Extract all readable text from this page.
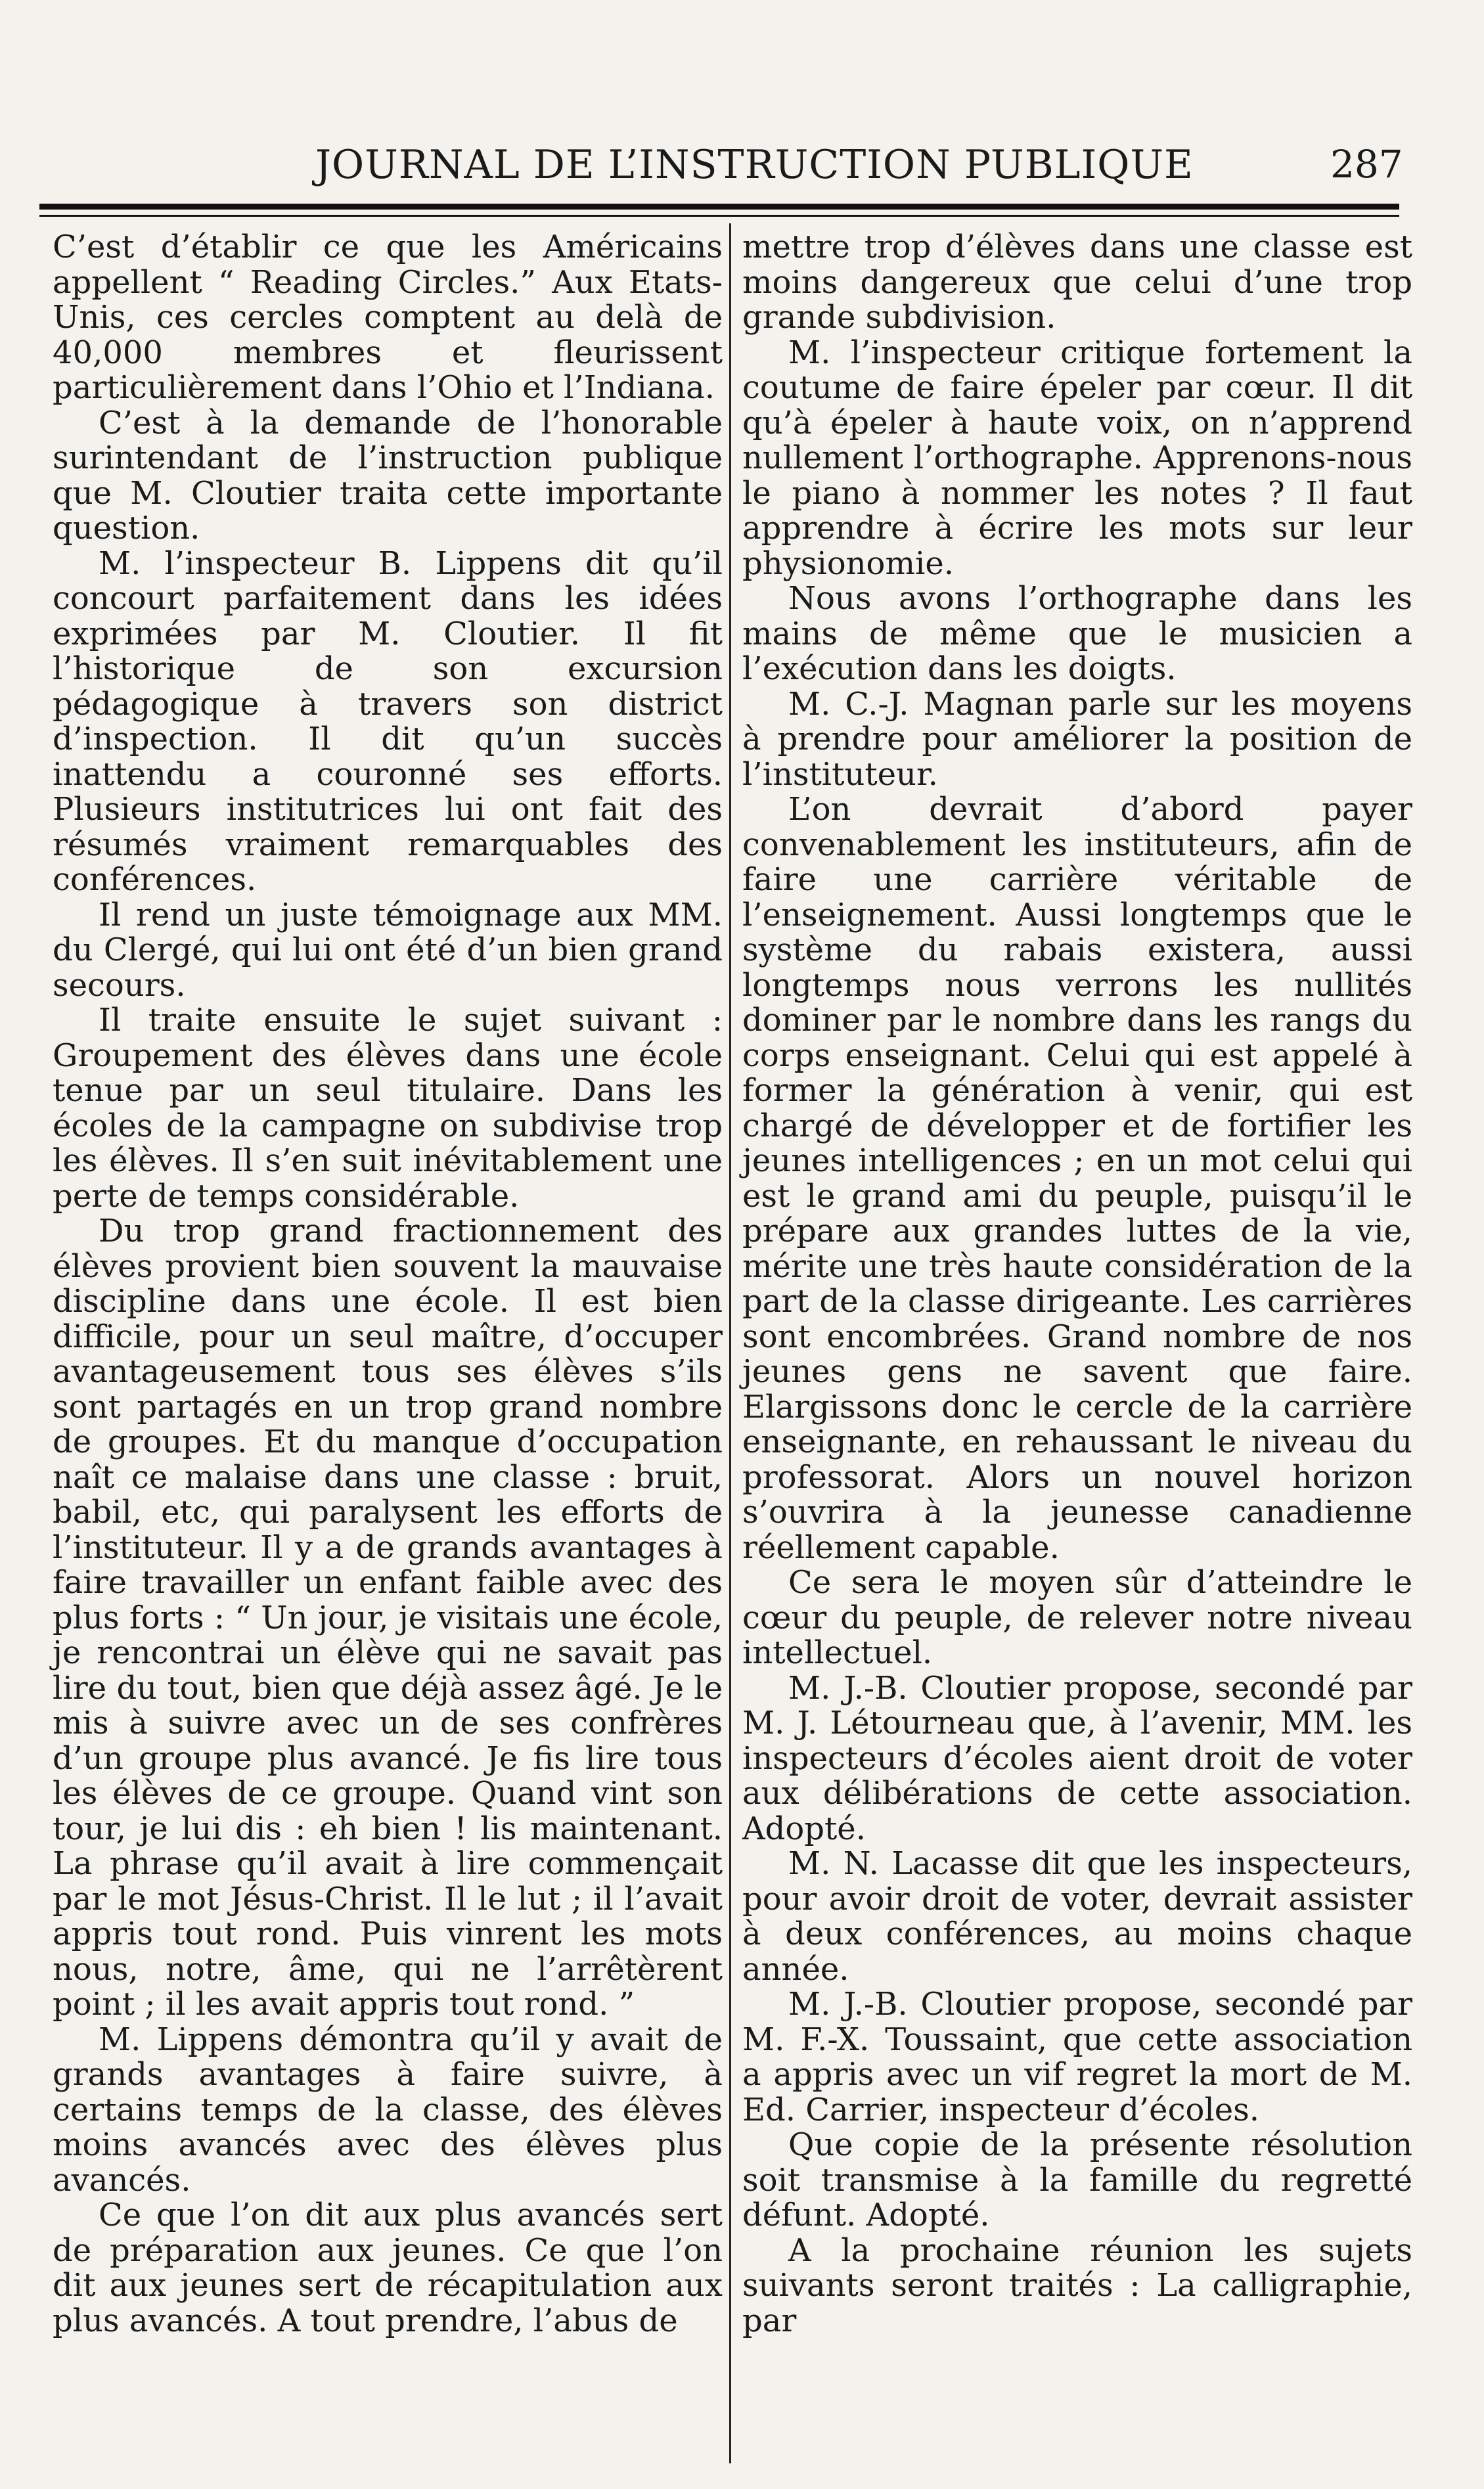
JOURNAL DE L’INSTRUCTION PUBLIQUE	287

C’est d’établir ce que les Américains appellent “ Reading Circles.” Aux Etats-Unis, ces cercles comptent au delà de 40,000 membres et fleurissent particulièrement dans l’Ohio et l’Indiana.

C’est à la demande de l’honorable surintendant de l’instruction publique que M. Cloutier traita cette importante question.

M. l’inspecteur B. Lippens dit qu’il concourt parfaitement dans les idées exprimées par M. Cloutier. Il fit l’historique de son excursion pédagogique à travers son district d’inspection. Il dit qu’un succès inattendu a couronné ses efforts. Plusieurs institutrices lui ont fait des résumés vraiment remarquables des conférences.

Il rend un juste témoignage aux MM. du Clergé, qui lui ont été d’un bien grand secours.

Il traite ensuite le sujet suivant : Groupement des élèves dans une école tenue par un seul titulaire. Dans les écoles de la campagne on subdivise trop les élèves. Il s’en suit inévitablement une perte de temps considérable.

Du trop grand fractionnement des élèves provient bien souvent la mauvaise discipline dans une école. Il est bien difficile, pour un seul maître, d’occuper avantageusement tous ses élèves s’ils sont partagés en un trop grand nombre de groupes. Et du manque d’occupation naît ce malaise dans une classe : bruit, babil, etc, qui paralysent les efforts de l’instituteur. Il y a de grands avantages à faire travailler un enfant faible avec des plus forts : “ Un jour, je visitais une école, je rencontrai un élève qui ne savait pas lire du tout, bien que déjà assez âgé. Je le mis à suivre avec un de ses confrères d’un groupe plus avancé. Je fis lire tous les élèves de ce groupe. Quand vint son tour, je lui dis : eh bien ! lis maintenant. La phrase qu’il avait à lire commençait par le mot Jésus-Christ. Il le lut ; il l’avait appris tout rond. Puis vinrent les mots nous, notre, âme, qui ne l’arrêtèrent point ; il les avait appris tout rond. ”

M. Lippens démontra qu’il y avait de grands avantages à faire suivre, à certains temps de la classe, des élèves moins avancés avec des élèves plus avancés.

Ce que l’on dit aux plus avancés sert de préparation aux jeunes. Ce que l’on dit aux jeunes sert de récapitulation aux plus avancés. A tout prendre, l’abus de

mettre trop d’élèves dans une classe est moins dangereux que celui d’une trop grande subdivision.

M. l’inspecteur critique fortement la coutume de faire épeler par cœur. Il dit qu’à épeler à haute voix, on n’apprend nullement l’orthographe. Apprenons-nous le piano à nommer les notes ? Il faut apprendre à écrire les mots sur leur physionomie.

Nous avons l’orthographe dans les mains de même que le musicien a l’exécution dans les doigts.

M. C.-J. Magnan parle sur les moyens à prendre pour améliorer la position de l’instituteur.

L’on devrait d’abord payer convenablement les instituteurs, afin de faire une carrière véritable de l’enseignement. Aussi longtemps que le système du rabais existera, aussi longtemps nous verrons les nullités dominer par le nombre dans les rangs du corps enseignant. Celui qui est appelé à former la génération à venir, qui est chargé de développer et de fortifier les jeunes intelligences ; en un mot celui qui est le grand ami du peuple, puisqu’il le prépare aux grandes luttes de la vie, mérite une très haute considération de la part de la classe dirigeante. Les carrières sont encombrées. Grand nombre de nos jeunes gens ne savent que faire. Elargissons donc le cercle de la carrière enseignante, en rehaussant le niveau du professorat. Alors un nouvel horizon s’ouvrira à la jeunesse canadienne réellement capable.

Ce sera le moyen sûr d’atteindre le cœur du peuple, de relever notre niveau intellectuel.

M. J.-B. Cloutier propose, secondé par M. J. Létourneau que, à l’avenir, MM. les inspecteurs d’écoles aient droit de voter aux délibérations de cette association. Adopté.

M. N. Lacasse dit que les inspecteurs, pour avoir droit de voter, devrait assister à deux conférences, au moins chaque année.

M. J.-B. Cloutier propose, secondé par M. F.-X. Toussaint, que cette association a appris avec un vif regret la mort de M. Ed. Carrier, inspecteur d’écoles.

Que copie de la présente résolution soit transmise à la famille du regretté défunt. Adopté.

A la prochaine réunion les sujets suivants seront traités : La calligraphie, par
